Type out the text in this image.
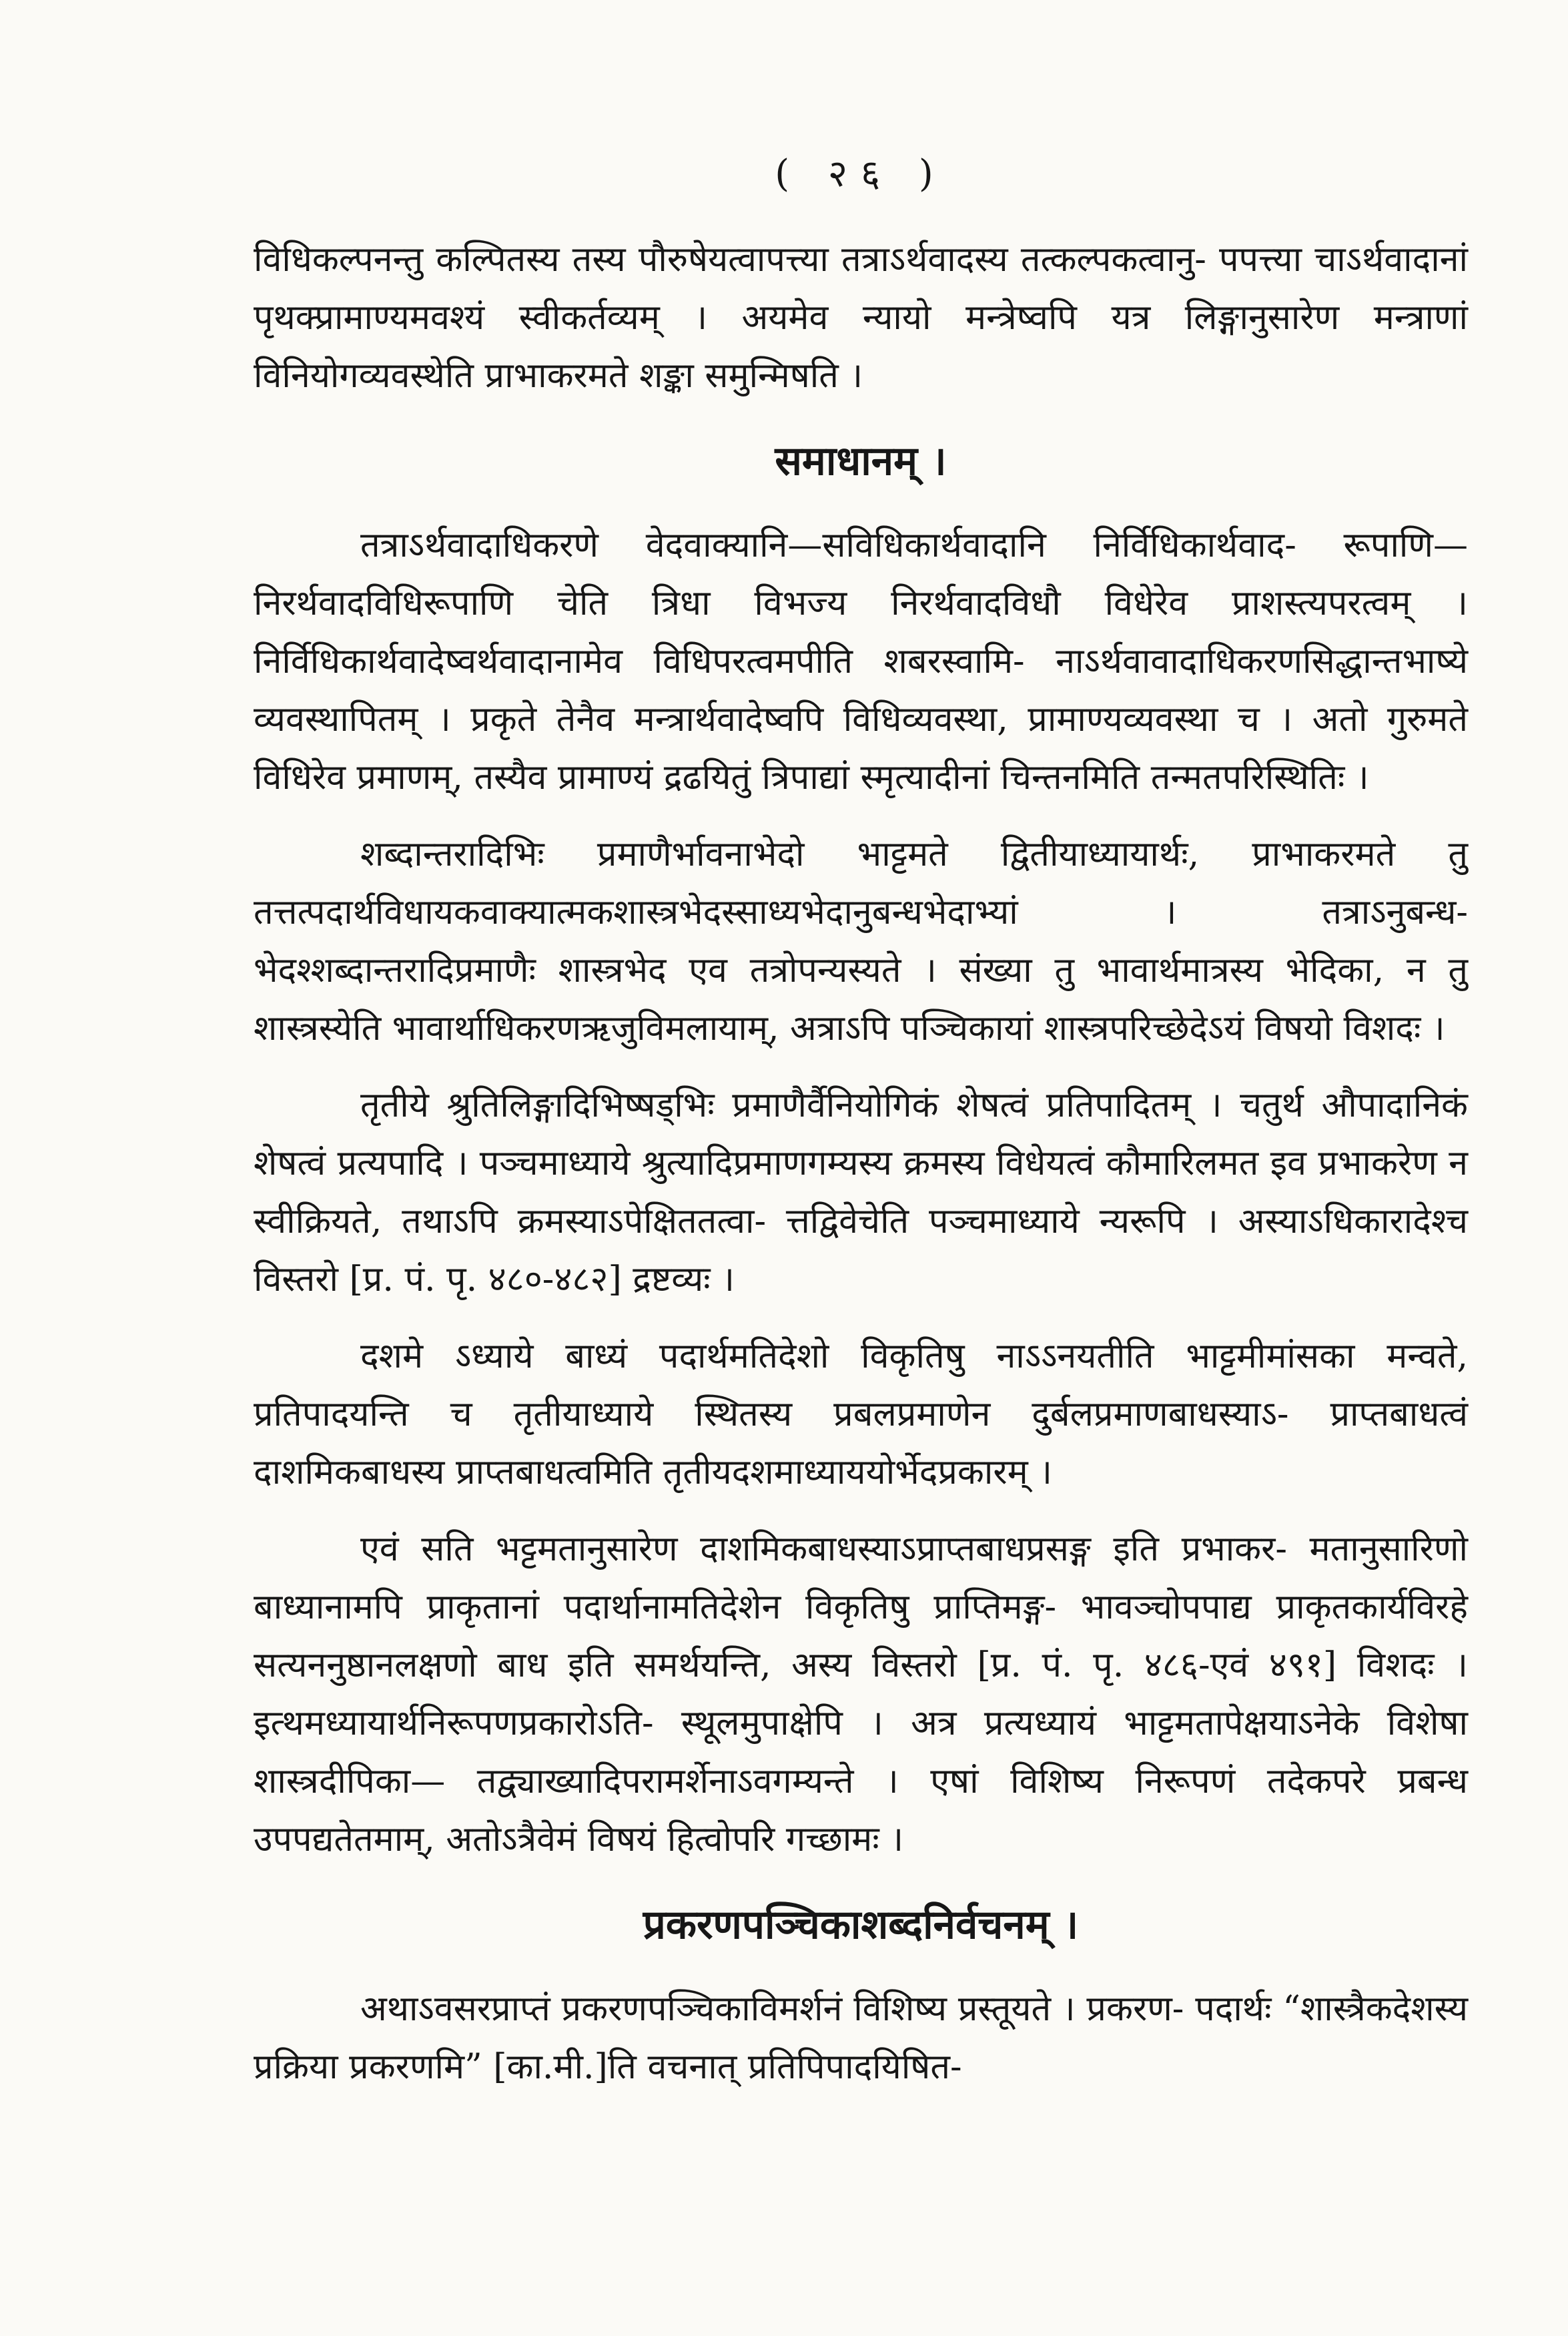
( २६ )

विधिकल्पनन्तु कल्पितस्य तस्य पौरुषेयत्वापत्त्या तत्राऽर्थवादस्य तत्कल्पकत्वानु- पपत्त्या चाऽर्थवादानां पृथक्प्रामाण्यमवश्यं स्वीकर्तव्यम् । अयमेव न्यायो मन्त्रेष्वपि यत्र लिङ्गानुसारेण मन्त्राणां विनियोगव्यवस्थेति प्राभाकरमते शङ्का समुन्मिषति ।

समाधानम् ।

तत्राऽर्थवादाधिकरणे वेदवाक्यानि—सविधिकार्थवादानि निर्विधिकार्थवाद- रूपाणि—निरर्थवादविधिरूपाणि चेति त्रिधा विभज्य निरर्थवादविधौ विधेरेव प्राशस्त्यपरत्वम् । निर्विधिकार्थवादेष्वर्थवादानामेव विधिपरत्वमपीति शबरस्वामि- नाऽर्थवावादाधिकरणसिद्धान्तभाष्ये व्यवस्थापितम् । प्रकृते तेनैव मन्त्रार्थवादेष्वपि विधिव्यवस्था, प्रामाण्यव्यवस्था च । अतो गुरुमते विधिरेव प्रमाणम्, तस्यैव प्रामाण्यं द्रढयितुं त्रिपाद्यां स्मृत्यादीनां चिन्तनमिति तन्मतपरिस्थितिः ।

शब्दान्तरादिभिः प्रमाणैर्भावनाभेदो भाट्टमते द्वितीयाध्यायार्थः, प्राभाकरमते तु तत्तत्पदार्थविधायकवाक्यात्मकशास्त्रभेदस्साध्यभेदानुबन्धभेदाभ्यां । तत्राऽनुबन्ध- भेदश्शब्दान्तरादिप्रमाणैः शास्त्रभेद एव तत्रोपन्यस्यते । संख्या तु भावार्थमात्रस्य भेदिका, न तु शास्त्रस्येति भावार्थाधिकरणऋजुविमलायाम्, अत्राऽपि पञ्चिकायां शास्त्रपरिच्छेदेऽयं विषयो विशदः ।

तृतीये श्रुतिलिङ्गादिभिष्षड्भिः प्रमाणैर्वैनियोगिकं शेषत्वं प्रतिपादितम् । चतुर्थ औपादानिकं शेषत्वं प्रत्यपादि । पञ्चमाध्याये श्रुत्यादिप्रमाणगम्यस्य क्रमस्य विधेयत्वं कौमारिलमत इव प्रभाकरेण न स्वीक्रियते, तथाऽपि क्रमस्याऽपेक्षिततत्वा- त्तद्विवेचेति पञ्चमाध्याये न्यरूपि । अस्याऽधिकारादेश्च विस्तरो [प्र. पं. पृ. ४८०-४८२] द्रष्टव्यः ।

दशमे ऽध्याये बाध्यं पदार्थमतिदेशो विकृतिषु नाऽऽनयतीति भाट्टमीमांसका मन्वते, प्रतिपादयन्ति च तृतीयाध्याये स्थितस्य प्रबलप्रमाणेन दुर्बलप्रमाणबाधस्याऽ- प्राप्तबाधत्वं दाशमिकबाधस्य प्राप्तबाधत्वमिति तृतीयदशमाध्याययोर्भेदप्रकारम् ।

एवं सति भट्टमतानुसारेण दाशमिकबाधस्याऽप्राप्तबाधप्रसङ्ग इति प्रभाकर- मतानुसारिणो बाध्यानामपि प्राकृतानां पदार्थानामतिदेशेन विकृतिषु प्राप्तिमङ्ग- भावञ्चोपपाद्य प्राकृतकार्यविरहे सत्यननुष्ठानलक्षणो बाध इति समर्थयन्ति, अस्य विस्तरो [प्र. पं. पृ. ४८६-एवं ४९१] विशदः । इत्थमध्यायार्थनिरूपणप्रकारोऽति- स्थूलमुपाक्षेपि । अत्र प्रत्यध्यायं भाट्टमतापेक्षयाऽनेके विशेषा शास्त्रदीपिका— तद्व्याख्यादिपरामर्शेनाऽवगम्यन्ते । एषां विशिष्य निरूपणं तदेकपरे प्रबन्ध उपपद्यतेतमाम्, अतोऽत्रैवेमं विषयं हित्वोपरि गच्छामः ।

प्रकरणपञ्चिकाशब्दनिर्वचनम् ।

अथाऽवसरप्राप्तं प्रकरणपञ्चिकाविमर्शनं विशिष्य प्रस्तूयते । प्रकरण- पदार्थः “शास्त्रैकदेशस्य प्रक्रिया प्रकरणमि” [का.मी.]ति वचनात् प्रतिपिपादयिषित-
